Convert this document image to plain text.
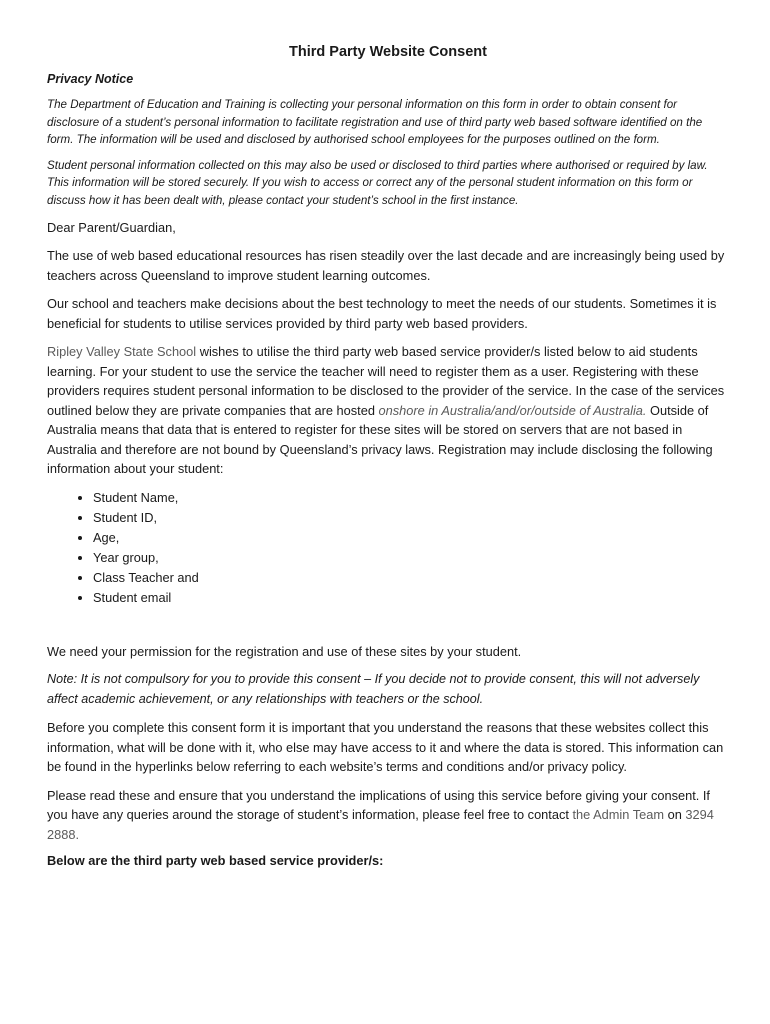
Third Party Website Consent

Privacy Notice

The Department of Education and Training is collecting your personal information on this form in order to obtain consent for disclosure of a student’s personal information to facilitate registration and use of third party web based software identified on the form. The information will be used and disclosed by authorised school employees for the purposes outlined on the form.

Student personal information collected on this may also be used or disclosed to third parties where authorised or required by law. This information will be stored securely. If you wish to access or correct any of the personal student information on this form or discuss how it has been dealt with, please contact your student’s school in the first instance.

Dear Parent/Guardian,

The use of web based educational resources has risen steadily over the last decade and are increasingly being used by teachers across Queensland to improve student learning outcomes.

Our school and teachers make decisions about the best technology to meet the needs of our students. Sometimes it is beneficial for students to utilise services provided by third party web based providers.

Ripley Valley State School wishes to utilise the third party web based service provider/s listed below to aid students learning. For your student to use the service the teacher will need to register them as a user. Registering with these providers requires student personal information to be disclosed to the provider of the service. In the case of the services outlined below they are private companies that are hosted onshore in Australia/and/or/outside of Australia. Outside of Australia means that data that is entered to register for these sites will be stored on servers that are not based in Australia and therefore are not bound by Queensland’s privacy laws. Registration may include disclosing the following information about your student:

• Student Name,
• Student ID,
• Age,
• Year group,
• Class Teacher and
• Student email

We need your permission for the registration and use of these sites by your student.

Note: It is not compulsory for you to provide this consent – If you decide not to provide consent, this will not adversely affect academic achievement, or any relationships with teachers or the school.

Before you complete this consent form it is important that you understand the reasons that these websites collect this information, what will be done with it, who else may have access to it and where the data is stored. This information can be found in the hyperlinks below referring to each website’s terms and conditions and/or privacy policy.

Please read these and ensure that you understand the implications of using this service before giving your consent. If you have any queries around the storage of student’s information, please feel free to contact the Admin Team on 3294 2888.

Below are the third party web based service provider/s:
